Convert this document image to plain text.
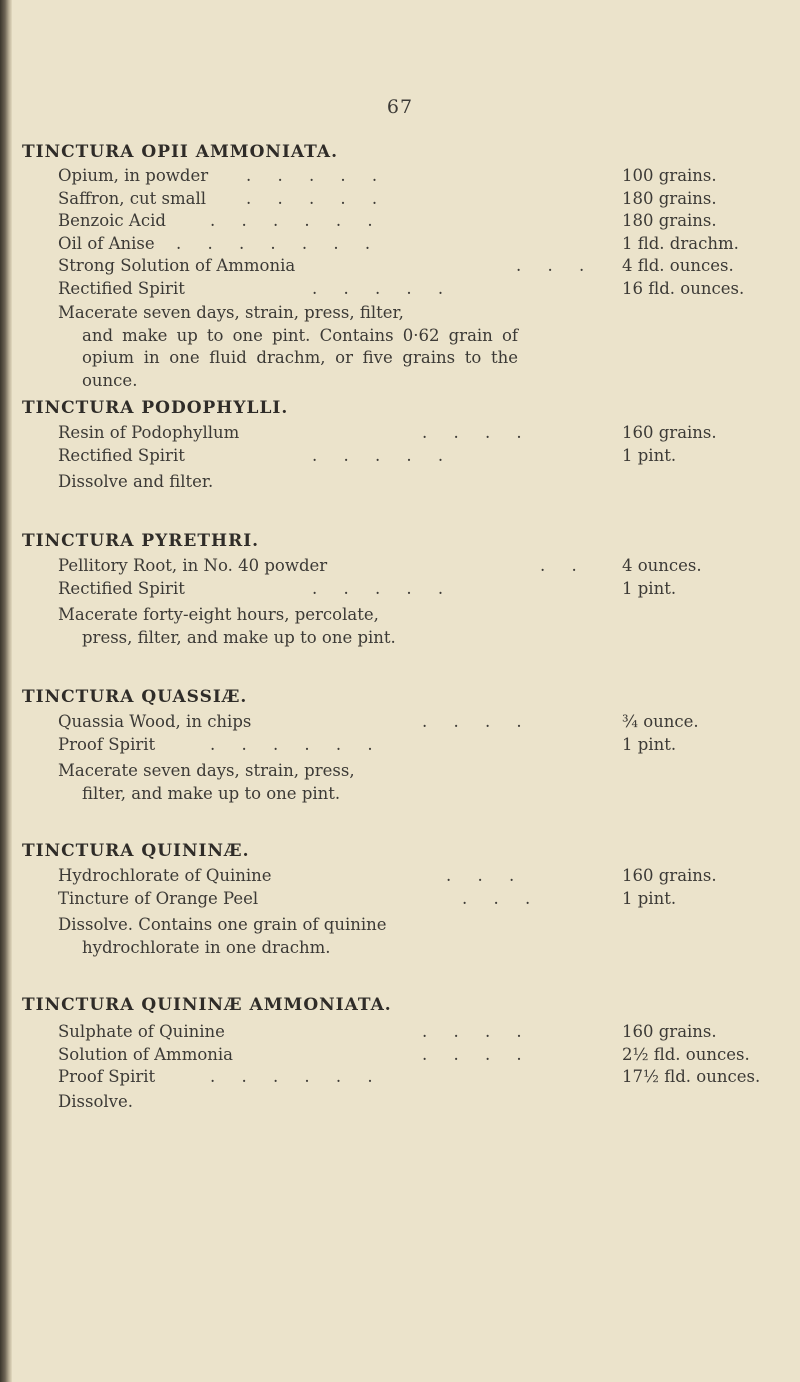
67
TINCTURA OPII AMMONIATA.
Opium, in powder .     .     .     .     .	100 grains.
Saffron, cut small .     .     .     .     .	180 grains.
Benzoic Acid	.     .     .     .     .     .	180 grains.
Oil of Anise .     .     .     .     .     .     .	1 fld. drachm.
Strong Solution of Ammonia	.     .     . 4 fld. ounces.
Rectified Spirit	.     .     .     .     .	16 fld. ounces.
Macerate seven days, strain, press, filter,
and make up to one pint. Contains 0·62 grain of opium in one fluid drachm, or five grains to the ounce.
TINCTURA PODOPHYLLI.
Resin of Podophyllum	.     .     .     .	160 grains.
Rectified Spirit	.     .     .     .     .	1 pint.
Dissolve and filter.
TINCTURA PYRETHRI.
Pellitory Root, in No. 40 powder	.     .	4 ounces.
Rectified Spirit	.     .     .     .     .	1 pint.
Macerate forty-eight hours, percolate,
press, filter, and make up to one pint.
TINCTURA QUASSIÆ.
Quassia Wood, in chips	.     .     .     .	¾ ounce.
Proof Spirit	.     .     .     .     .     .	1 pint.
Macerate seven days, strain, press,
filter, and make up to one pint.
TINCTURA QUININÆ.
Hydrochlorate of Quinine	.     .     .	160 grains.
Tincture of Orange Peel	.     .     .	1 pint.
Dissolve. Contains one grain of quinine
hydrochlorate in one drachm.
TINCTURA QUININÆ AMMONIATA.
Sulphate of Quinine	.     .     .     .	160 grains.
Solution of Ammonia	.     .     .     .	2½ fld. ounces.
Proof Spirit	.     .     .     .     .     .	17½ fld. ounces.
Dissolve.
